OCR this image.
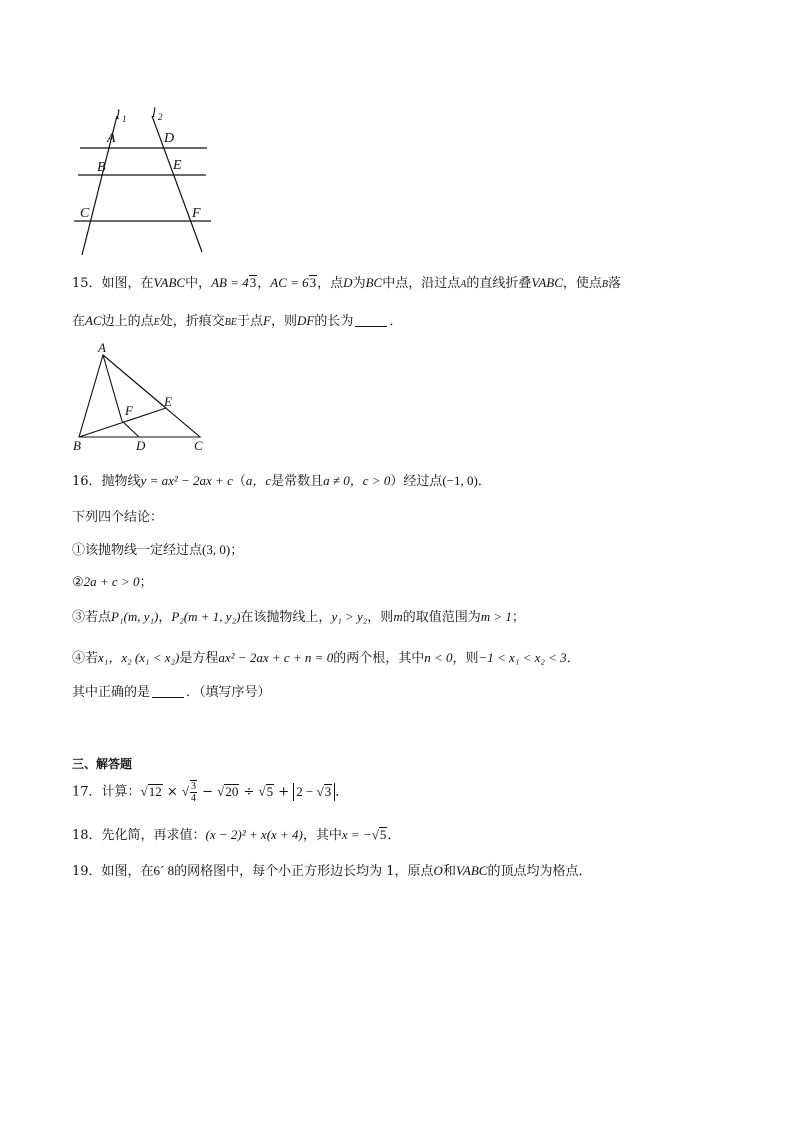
l 1 l 2
A	D
B	E
C	F
15．如图，在VABC中，AB = 43，AC = 63，点D为BC中点，沿过点A的直线折叠VABC，使点B落
在AC边上的点E处，折痕交BE于点F，则DF的长为	．
A
F
E
B	D	C
16．抛物线y = ax² − 2ax + c（a，c是常数且a ≠ 0，c > 0）经过点(−1, 0)．
下列四个结论：
①该抛物线一定经过点(3, 0)；
②2a + c > 0；
③若点P₁(m, y₁)，P₂(m + 1, y₂)在该抛物线上，y₁ > y₂，则m的取值范围为m > 1；
④若x₁，x₂ (x₁ < x₂)是方程ax² − 2ax + c + n = 0的两个根，其中n < 0，则−1 < x₁ < x₂ < 3．
其中正确的是	．（填写序号）
三、解答题
17．计算：√12 × √ $\frac{3}{4} - √20 \div √5 + 2 - √3$ ．
18．先化简，再求值：(x − 2)² + x(x + 4)，其中x = −√5．
19．如图，在6ˊ 8的网格图中，每个小正方形边长均为 1，原点O和VABC的顶点均为格点．
